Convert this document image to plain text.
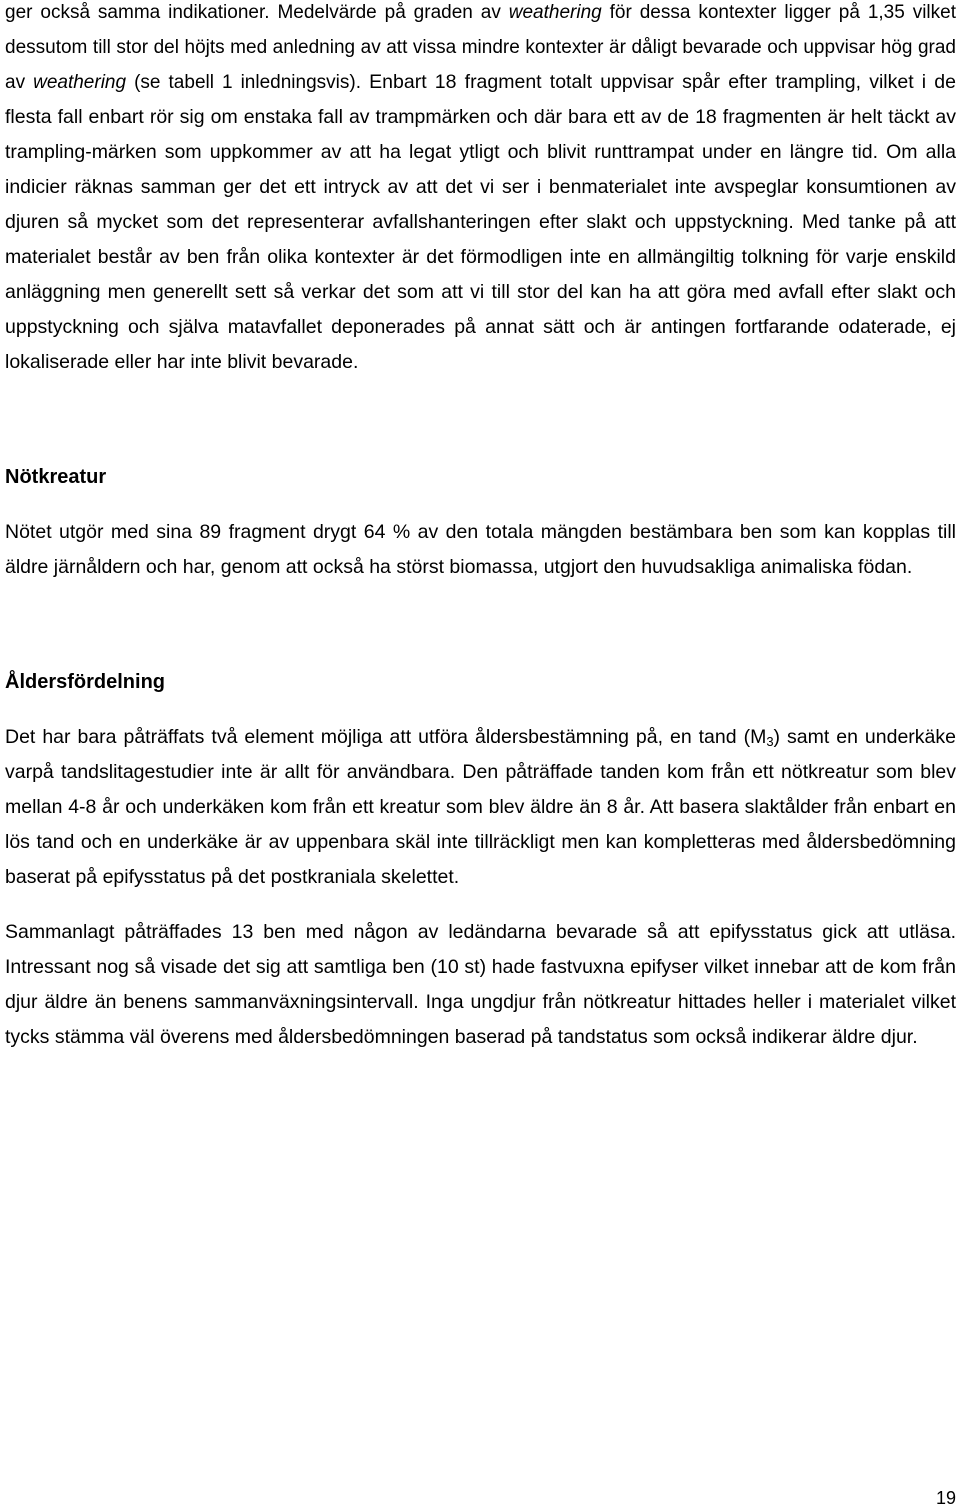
ger också samma indikationer. Medelvärde på graden av weathering för dessa kontexter ligger på 1,35 vilket dessutom till stor del höjts med anledning av att vissa mindre kontexter är dåligt bevarade och uppvisar hög grad av weathering (se tabell 1 inledningsvis). Enbart 18 fragment totalt uppvisar spår efter trampling, vilket i de flesta fall enbart rör sig om enstaka fall av trampmärken och där bara ett av de 18 fragmenten är helt täckt av trampling-märken som uppkommer av att ha legat ytligt och blivit runttrampat under en längre tid. Om alla indicier räknas samman ger det ett intryck av att det vi ser i benmaterialet inte avspeglar konsumtionen av djuren så mycket som det representerar avfallshanteringen efter slakt och uppstyckning. Med tanke på att materialet består av ben från olika kontexter är det förmodligen inte en allmängiltig tolkning för varje enskild anläggning men generellt sett så verkar det som att vi till stor del kan ha att göra med avfall efter slakt och uppstyckning och själva matavfallet deponerades på annat sätt och är antingen fortfarande odaterade, ej lokaliserade eller har inte blivit bevarade.

Nötkreatur

Nötet utgör med sina 89 fragment drygt 64 % av den totala mängden bestämbara ben som kan kopplas till äldre järnåldern och har, genom att också ha störst biomassa, utgjort den huvudsakliga animaliska födan.

Åldersfördelning

Det har bara påträffats två element möjliga att utföra åldersbestämning på, en tand $(M_3)$ samt en underkäke varpå tandslitagestudier inte är allt för användbara. Den påträffade tanden kom från ett nötkreatur som blev mellan 4-8 år och underkäken kom från ett kreatur som blev äldre än 8 år. Att basera slaktålder från enbart en lös tand och en underkäke är av uppenbara skäl inte tillräckligt men kan kompletteras med åldersbedömning baserat på epifysstatus på det postkraniala skelettet.

Sammanlagt påträffades 13 ben med någon av ledändarna bevarade så att epifysstatus gick att utläsa. Intressant nog så visade det sig att samtliga ben (10 st) hade fastvuxna epifyser vilket innebar att de kom från djur äldre än benens sammanväxningsintervall. Inga ungdjur från nötkreatur hittades heller i materialet vilket tycks stämma väl överens med åldersbedömningen baserad på tandstatus som också indikerar äldre djur.

19
